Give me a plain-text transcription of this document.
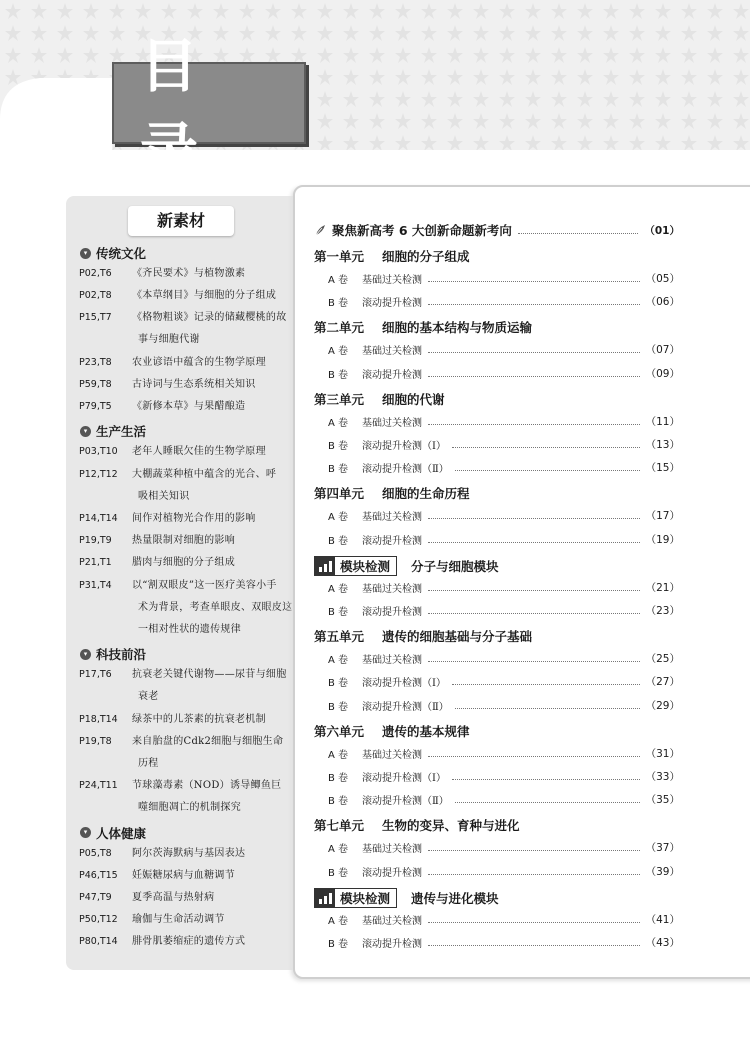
目录
新素材
▾ 传统文化
P02,T6	《齐民要术》与植物激素
P02,T8	《本草纲目》与细胞的分子组成
P15,T7	《格物粗谈》记录的储藏樱桃的故
事与细胞代谢
P23,T8	农业谚语中蕴含的生物学原理
P59,T8	古诗词与生态系统相关知识
P79,T5	《新修本草》与果醋酿造
▾ 生产生活
P03,T10	老年人睡眠欠佳的生物学原理
P12,T12	大棚蔬菜种植中蕴含的光合、呼
吸相关知识
P14,T14	间作对植物光合作用的影响
P19,T9	热量限制对细胞的影响
P21,T1	腊肉与细胞的分子组成
P31,T4	以“割双眼皮”这一医疗美容小手
术为背景，考查单眼皮、双眼皮这
一相对性状的遗传规律
▾ 科技前沿
P17,T6	抗衰老关键代谢物——尿苷与细胞
衰老
P18,T14	绿茶中的儿茶素的抗衰老机制
P19,T8	来自胎盘的Cdk2细胞与细胞生命
历程
P24,T11	节球藻毒素（NOD）诱导鲫鱼巨
噬细胞凋亡的机制探究
▾ 人体健康
P05,T8	阿尔茨海默病与基因表达
P46,T15	妊娠糖尿病与血糖调节
P47,T9	夏季高温与热射病
P50,T12	瑜伽与生命活动调节
P80,T14	腓骨肌萎缩症的遗传方式
聚焦新高考 6 大创新命题新考向	（01）
第一单元 细胞的分子组成
A 卷	基础过关检测	（05）
B 卷	滚动提升检测	（06）
第二单元 细胞的基本结构与物质运输
A 卷	基础过关检测	（07）
B 卷	滚动提升检测	（09）
第三单元 细胞的代谢
A 卷	基础过关检测	（11）
B 卷	滚动提升检测（Ⅰ）	（13）
B 卷	滚动提升检测（Ⅱ）	（15）
第四单元 细胞的生命历程
A 卷	基础过关检测	（17）
B 卷	滚动提升检测	（19）
模块检测 分子与细胞模块
A 卷	基础过关检测	（21）
B 卷	滚动提升检测	（23）
第五单元 遗传的细胞基础与分子基础
A 卷	基础过关检测	（25）
B 卷	滚动提升检测（Ⅰ）	（27）
B 卷	滚动提升检测（Ⅱ）	（29）
第六单元 遗传的基本规律
A 卷	基础过关检测	（31）
B 卷	滚动提升检测（Ⅰ）	（33）
B 卷	滚动提升检测（Ⅱ）	（35）
第七单元 生物的变异、育种与进化
A 卷	基础过关检测	（37）
B 卷	滚动提升检测	（39）
模块检测 遗传与进化模块
A 卷	基础过关检测	（41）
B 卷	滚动提升检测	（43）
